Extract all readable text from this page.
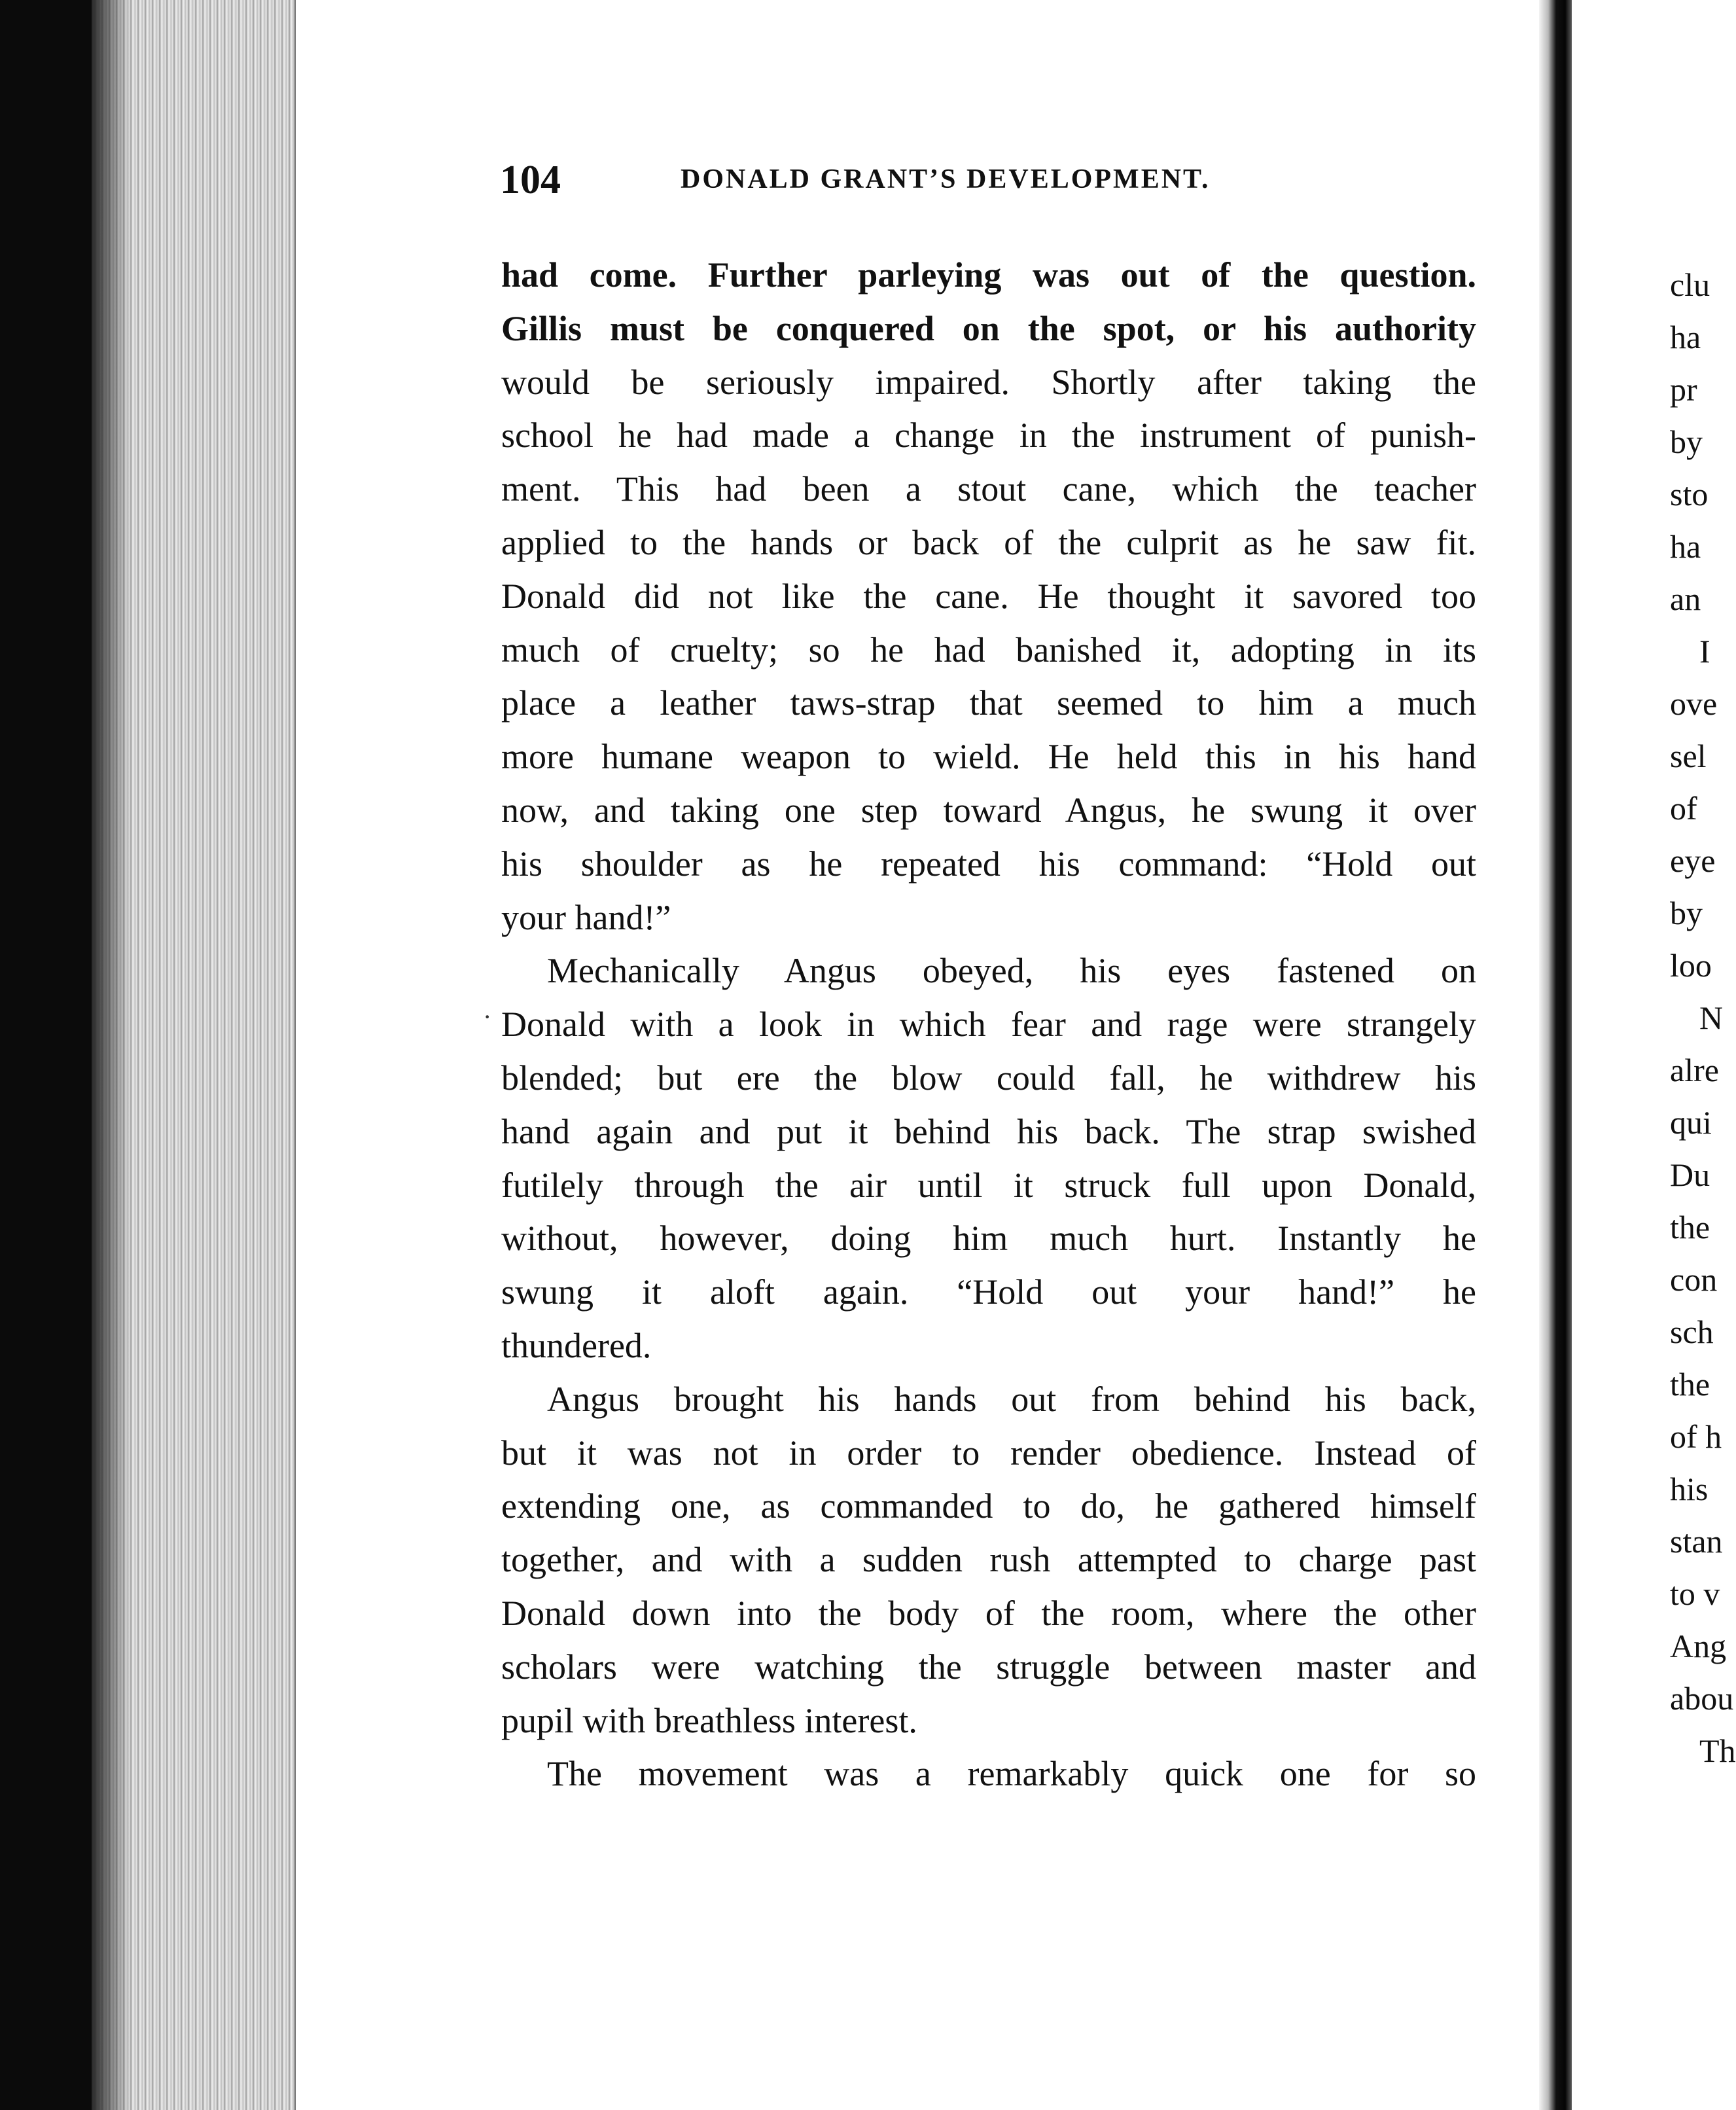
104	DONALD GRANT’S DEVELOPMENT.
had come. Further parleying was out of the question.
Gillis must be conquered on the spot, or his authority
would be seriously impaired. Shortly after taking the
school he had made a change in the instrument of punish-
ment. This had been a stout cane, which the teacher
applied to the hands or back of the culprit as he saw fit.
Donald did not like the cane. He thought it savored too
much of cruelty; so he had banished it, adopting in its
place a leather taws-strap that seemed to him a much
more humane weapon to wield. He held this in his hand
now, and taking one step toward Angus, he swung it over
his shoulder as he repeated his command: “Hold out
your hand!”
Mechanically Angus obeyed, his eyes fastened on
Donald with a look in which fear and rage were strangely
blended; but ere the blow could fall, he withdrew his
hand again and put it behind his back. The strap swished
futilely through the air until it struck full upon Donald,
without, however, doing him much hurt. Instantly he
swung it aloft again. “Hold out your hand!” he
thundered.
Angus brought his hands out from behind his back,
but it was not in order to render obedience. Instead of
extending one, as commanded to do, he gathered himself
together, and with a sudden rush attempted to charge past
Donald down into the body of the room, where the other
scholars were watching the struggle between master and
pupil with breathless interest.
The movement was a remarkably quick one for so
·
clu
ha
pr
by
sto
ha
an
I
ove
sel
of
eye
by
loo
N
alre
qui
Du
the
con
sch
the
of h
his
stan
to v
Ang
abou
Th
